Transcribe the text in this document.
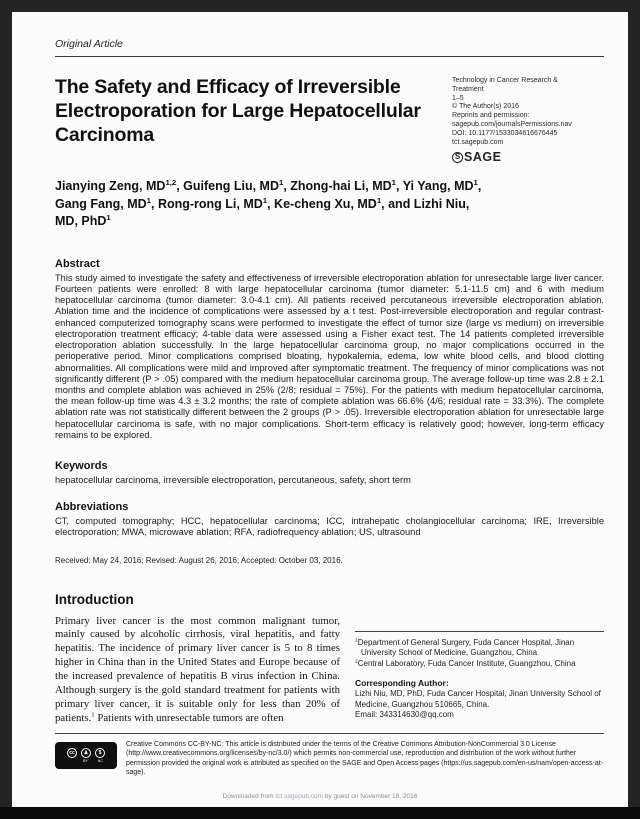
Original Article
The Safety and Efficacy of Irreversible Electroporation for Large Hepatocellular Carcinoma
Technology in Cancer Research &
Treatment
1–5
© The Author(s) 2016
Reprints and permission:
sagepub.com/journalsPermissions.nav
DOI: 10.1177/1533034616676445
tct.sagepub.com
S SAGE
Jianying Zeng, MD$^{1,2}$, Guifeng Liu, $MD^1$, Zhong-hai Li, $MD^1$, Yi Yang, $MD^1$, Gang Fang, $MD^1$, Rong-rong Li, $MD^1$, Ke-cheng Xu, $MD^1$, and Lizhi Niu, MD, PhD$^1$
Abstract
This study aimed to investigate the safety and effectiveness of irreversible electroporation ablation for unresectable large liver cancer. Fourteen patients were enrolled: 8 with large hepatocellular carcinoma (tumor diameter: 5.1-11.5 cm) and 6 with medium hepatocellular carcinoma (tumor diameter: 3.0-4.1 cm). All patients received percutaneous irreversible electroporation ablation. Ablation time and the incidence of complications were assessed by a t test. Post-irreversible electroporation and regular contrast-enhanced computerized tomography scans were performed to investigate the effect of tumor size (large vs medium) on irreversible electroporation treatment efficacy; 4-table data were assessed using a Fisher exact test. The 14 patients completed irreversible electroporation ablation successfully. In the large hepatocellular carcinoma group, no major complications occurred in the perioperative period. Minor complications comprised bloating, hypokalemia, edema, low white blood cells, and blood clotting abnormalities. All complications were mild and improved after symptomatic treatment. The frequency of minor complications was not significantly different (P > .05) compared with the medium hepatocellular carcinoma group. The average follow-up time was 2.8 ± 2.1 months and complete ablation was achieved in 25% (2/8; residual = 75%). For the patients with medium hepatocellular carcinoma, the mean follow-up time was 4.3 ± 3.2 months; the rate of complete ablation was 66.6% (4/6; residual rate = 33.3%). The complete ablation rate was not statistically different between the 2 groups (P > .05). Irreversible electroporation ablation for unresectable large hepatocellular carcinoma is safe, with no major complications. Short-term efficacy is relatively good; however, long-term efficacy remains to be explored.
Keywords
hepatocellular carcinoma, irreversible electroporation, percutaneous, safety, short term
Abbreviations
CT, computed tomography; HCC, hepatocellular carcinoma; ICC, intrahepatic cholangiocellular carcinoma; IRE, Irreversible electroporation; MWA, microwave ablation; RFA, radiofrequency ablation; US, ultrasound
Received: May 24, 2016; Revised: August 26, 2016; Accepted: October 03, 2016.
Introduction
Primary liver cancer is the most common malignant tumor, mainly caused by alcoholic cirrhosis, viral hepatitis, and fatty hepatitis. The incidence of primary liver cancer is 5 to 8 times higher in China than in the United States and Europe because of the increased prevalence of hepatitis B virus infection in China. Although surgery is the gold standard treatment for patients with primary liver cancer, it is suitable only for less than 20% of patients.$^1$ Patients with unresectable tumors are often
$^1$Department of General Surgery, Fuda Cancer Hospital, Jinan University School of Medicine, Guangzhou, China
$^2$Central Laboratory, Fuda Cancer Institute, Guangzhou, China
Corresponding Author:
Lizhi Niu, MD, PhD, Fuda Cancer Hospital, Jinan University School of Medicine, Guangzhou 510665, China.
Email: 343314630@qq.com
cc	♟	$
BY	NC
Creative Commons CC-BY-NC: This article is distributed under the terms of the Creative Commons Attribution-NonCommercial 3.0 License (http://www.creativecommons.org/licenses/by-nc/3.0/) which permits non-commercial use, reproduction and distribution of the work without further permission provided the original work is attributed as specified on the SAGE and Open Access pages (https://us.sagepub.com/en-us/nam/open-access-at-sage).
Downloaded from tct.sagepub.com by guest on November 18, 2016
